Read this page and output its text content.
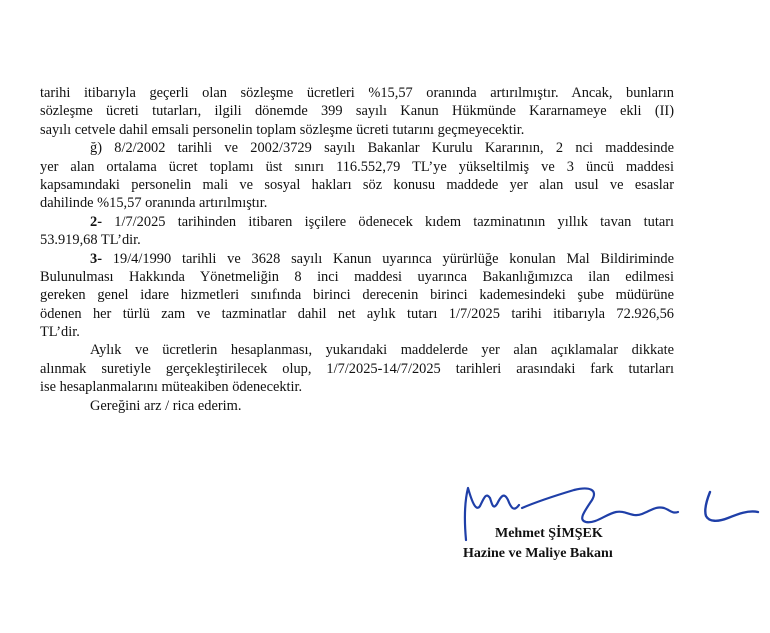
tarihi itibarıyla geçerli olan sözleşme ücretleri %15,57 oranında artırılmıştır. Ancak, bunların
sözleşme ücreti tutarları, ilgili dönemde 399 sayılı Kanun Hükmünde Kararnameye ekli (II)
sayılı cetvele dahil emsali personelin toplam sözleşme ücreti tutarını geçmeyecektir.
ğ) 8/2/2002 tarihli ve 2002/3729 sayılı Bakanlar Kurulu Kararının, 2 nci maddesinde
yer alan ortalama ücret toplamı üst sınırı 116.552,79 TL’ye yükseltilmiş ve 3 üncü maddesi
kapsamındaki personelin mali ve sosyal hakları söz konusu maddede yer alan usul ve esaslar
dahilinde %15,57 oranında artırılmıştır.
2- 1/7/2025 tarihinden itibaren işçilere ödenecek kıdem tazminatının yıllık tavan tutarı
53.919,68 TL’dir.
3- 19/4/1990 tarihli ve 3628 sayılı Kanun uyarınca yürürlüğe konulan Mal Bildiriminde
Bulunulması Hakkında Yönetmeliğin 8 inci maddesi uyarınca Bakanlığımızca ilan edilmesi
gereken genel idare hizmetleri sınıfında birinci derecenin birinci kademesindeki şube müdürüne
ödenen her türlü zam ve tazminatlar dahil net aylık tutarı 1/7/2025 tarihi itibarıyla 72.926,56
TL’dir.
Aylık ve ücretlerin hesaplanması, yukarıdaki maddelerde yer alan açıklamalar dikkate
alınmak suretiyle gerçekleştirilecek olup, 1/7/2025-14/7/2025 tarihleri arasındaki fark tutarları
ise hesaplanmalarını müteakiben ödenecektir.
Gereğini arz / rica ederim.
Mehmet ŞİMŞEK
Hazine ve Maliye Bakanı
